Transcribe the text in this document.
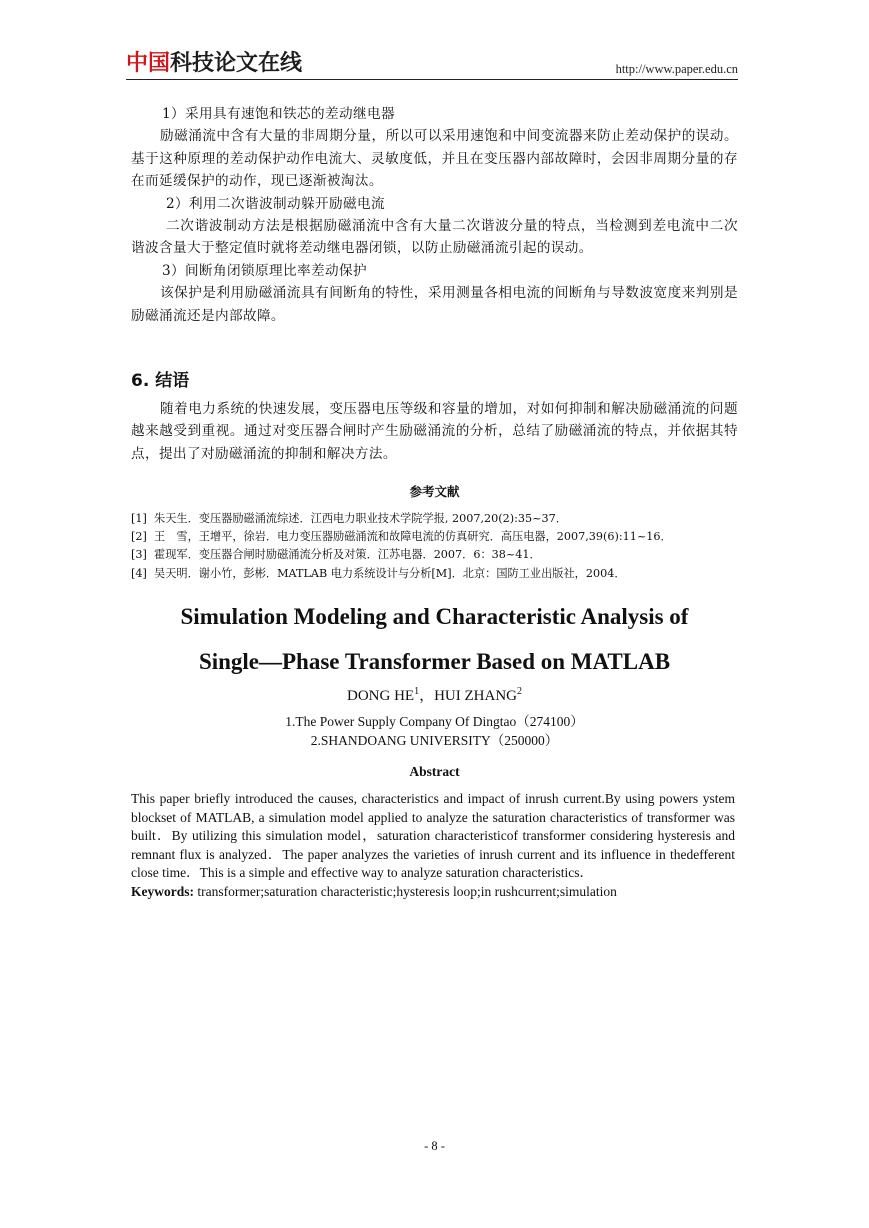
中国科技论文在线	http://www.paper.edu.cn

1）采用具有速饱和铁芯的差动继电器

励磁涌流中含有大量的非周期分量，所以可以采用速饱和中间变流器来防止差动保护的误动。基于这种原理的差动保护动作电流大、灵敏度低，并且在变压器内部故障时，会因非周期分量的存在而延缓保护的动作，现已逐渐被淘汰。

2）利用二次谐波制动躲开励磁电流

二次谐波制动方法是根据励磁涌流中含有大量二次谐波分量的特点，当检测到差电流中二次谐波含量大于整定值时就将差动继电器闭锁，以防止励磁涌流引起的误动。

3）间断角闭锁原理比率差动保护

该保护是利用励磁涌流具有间断角的特性，采用测量各相电流的间断角与导数波宽度来判别是励磁涌流还是内部故障。

6. 结语

随着电力系统的快速发展，变压器电压等级和容量的增加，对如何抑制和解决励磁涌流的问题越来越受到重视。通过对变压器合闸时产生励磁涌流的分析，总结了励磁涌流的特点，并依据其特点，提出了对励磁涌流的抑制和解决方法。

参考文献
[1] 朱天生．变压器励磁涌流综述．江西电力职业技术学院学报, 2007,20(2):35~37．
[2] 王　雪，王增平，徐岩．电力变压器励磁涌流和故障电流的仿真研究．高压电器，2007,39(6):11~16．
[3] 霍现军．变压器合闸时励磁涌流分析及对策．江苏电器．2007．6：38~41．
[4] 吴天明．谢小竹，彭彬．MATLAB 电力系统设计与分析[M]．北京：国防工业出版社，2004．
Simulation Modeling and Characteristic Analysis of
Single—Phase Transformer Based on MATLAB
DONG $HE^1$，HUI ZHANG$^2$
1.The Power Supply Company Of Dingtao（274100）
2.SHANDOANG UNIVERSITY（250000）
Abstract

This paper briefly introduced the causes, characteristics and impact of inrush current.By using powers ystem blockset of MATLAB, a simulation model applied to analyze the saturation characteristics of transformer was built．By utilizing this simulation model，saturation characteristicof transformer considering hysteresis and remnant flux is analyzed．The paper analyzes the varieties of inrush current and its influence in thedefferent close time．This is a simple and effective way to analyze saturation characteristics．

Keywords: transformer;saturation characteristic;hysteresis loop;in rushcurrent;simulation

- 8 -
